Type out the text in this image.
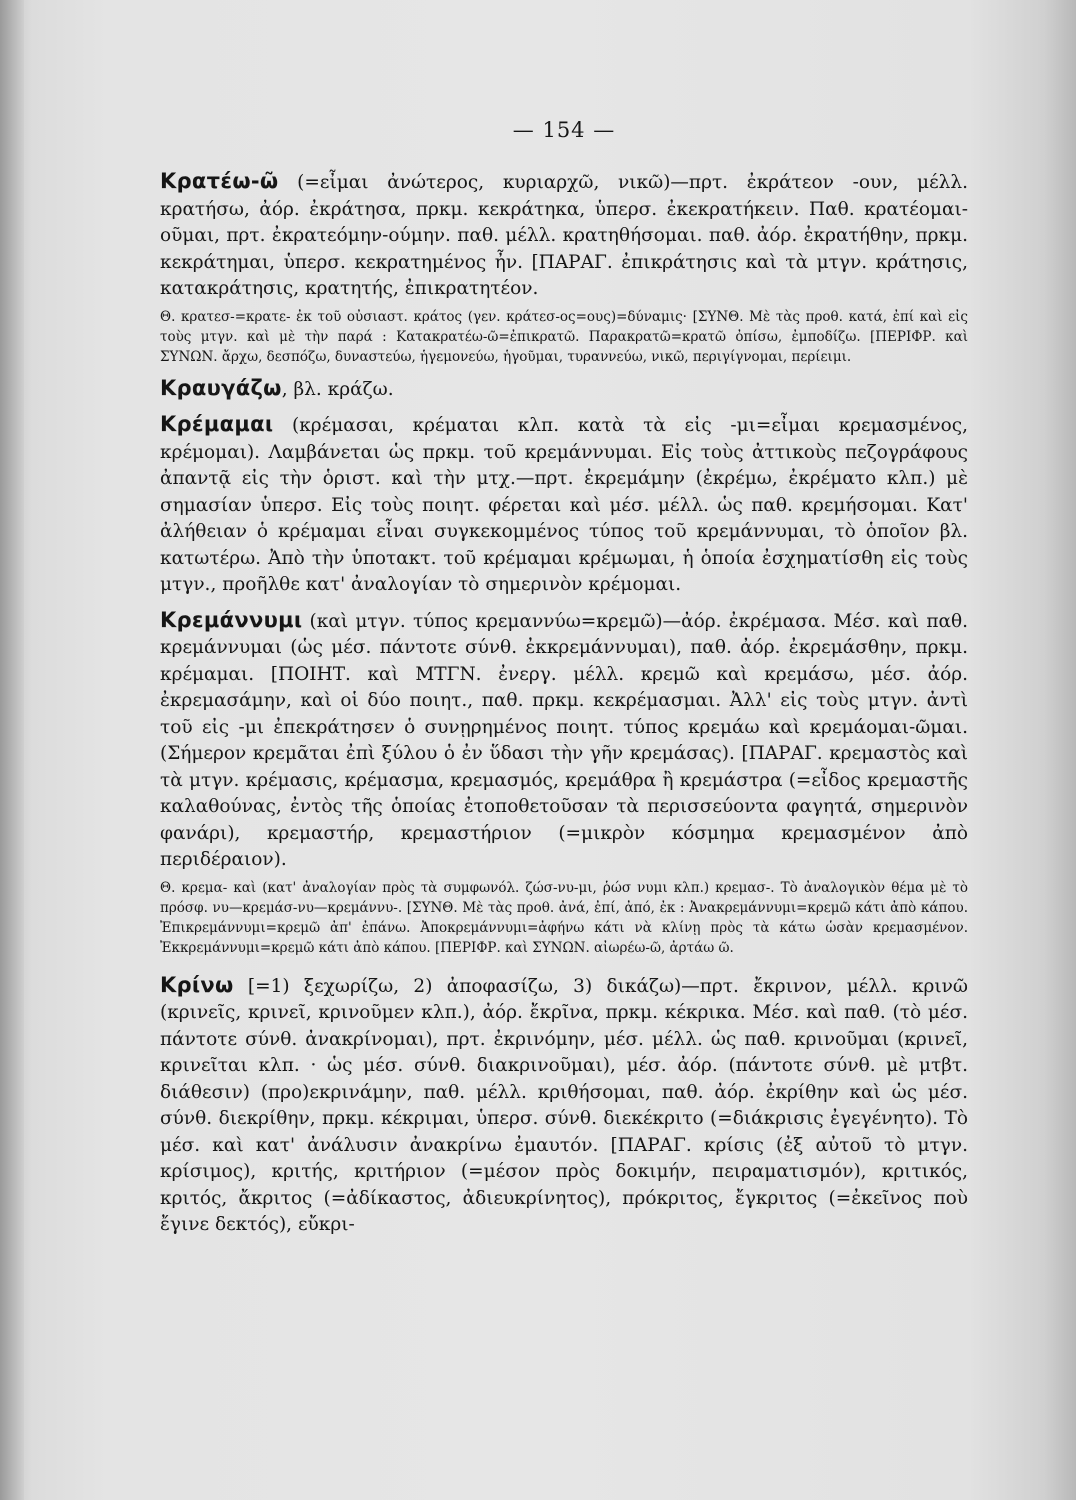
— 154 —

Κρατέω-ῶ (=εἶμαι ἀνώτερος, κυριαρχῶ, νικῶ)—πρτ. ἐκράτεον -ουν, μέλλ. κρατήσω, ἀόρ. ἐκράτησα, πρκμ. κεκράτηκα, ὑπερσ. ἐκεκρατήκειν. Παθ. κρατέομαι-οῦμαι, πρτ. ἐκρατεόμην-ούμην. παθ. μέλλ. κρατηθήσομαι. παθ. ἀόρ. ἐκρατήθην, πρκμ. κεκράτημαι, ὑπερσ. κεκρατημένος ἦν. [ΠΑΡΑΓ. ἐπικράτησις καὶ τὰ μτγν. κράτησις, κατακράτησις, κρατητής, ἐπικρατητέον.

Θ. κρατεσ-=κρατε- ἐκ τοῦ οὐσιαστ. κράτος (γεν. κράτεσ-ος=ους)=δύναμις· [ΣΥΝΘ. Μὲ τὰς προθ. κατά, ἐπί καὶ εἰς τοὺς μτγν. καὶ μὲ τὴν παρά : Κατακρατέω-ῶ=ἐπικρατῶ. Παρακρατῶ=κρατῶ ὀπίσω, ἐμποδίζω. [ΠΕΡΙΦΡ. καὶ ΣΥΝΩΝ. ἄρχω, δεσπόζω, δυναστεύω, ἡγεμονεύω, ἡγοῦμαι, τυραννεύω, νικῶ, περιγίγνομαι, περίειμι.

Κραυγάζω, βλ. κράζω.

Κρέμαμαι (κρέμασαι, κρέμαται κλπ. κατὰ τὰ εἰς -μι=εἶμαι κρεμασμένος, κρέμομαι). Λαμβάνεται ὡς πρκμ. τοῦ κρεμάννυμαι. Εἰς τοὺς ἀττικοὺς πεζογράφους ἀπαντᾷ εἰς τὴν ὁριστ. καὶ τὴν μτχ.—πρτ. ἐκρεμάμην (ἐκρέμω, ἐκρέματο κλπ.) μὲ σημασίαν ὑπερσ. Εἰς τοὺς ποιητ. φέρεται καὶ μέσ. μέλλ. ὡς παθ. κρεμήσομαι. Κατ' ἀλήθειαν ὁ κρέμαμαι εἶναι συγκεκομμένος τύπος τοῦ κρεμάννυμαι, τὸ ὁποῖον βλ. κατωτέρω. Ἀπὸ τὴν ὑποτακτ. τοῦ κρέμαμαι κρέμωμαι, ἡ ὁποία ἐσχηματίσθη εἰς τοὺς μτγν., προῆλθε κατ' ἀναλογίαν τὸ σημερινὸν κρέμομαι.

Κρεμάννυμι (καὶ μτγν. τύπος κρεμαννύω=κρεμῶ)—ἀόρ. ἐκρέμασα. Μέσ. καὶ παθ. κρεμάννυμαι (ὡς μέσ. πάντοτε σύνθ. ἐκκρεμάννυμαι), παθ. ἀόρ. ἐκρεμάσθην, πρκμ. κρέμαμαι. [ΠΟΙΗΤ. καὶ ΜΤΓΝ. ἐνεργ. μέλλ. κρεμῶ καὶ κρεμάσω, μέσ. ἀόρ. ἐκρεμασάμην, καὶ οἱ δύο ποιητ., παθ. πρκμ. κεκρέμασμαι. Ἀλλ' εἰς τοὺς μτγν. ἀντὶ τοῦ εἰς -μι ἐπεκράτησεν ὁ συνῃρημένος ποιητ. τύπος κρεμάω καὶ κρεμάομαι-ῶμαι. (Σήμερον κρεμᾶται ἐπὶ ξύλου ὁ ἐν ὕδασι τὴν γῆν κρεμάσας). [ΠΑΡΑΓ. κρεμαστὸς καὶ τὰ μτγν. κρέμασις, κρέμασμα, κρεμασμός, κρεμάθρα ἢ κρεμάστρα (=εἶδος κρεμαστῆς καλαθούνας, ἐντὸς τῆς ὁποίας ἐτοποθετοῦσαν τὰ περισσεύοντα φαγητά, σημερινὸν φανάρι), κρεμαστήρ, κρεμαστήριον (=μικρὸν κόσμημα κρεμασμένον ἀπὸ περιδέραιον).

Θ. κρεμα- καὶ (κατ' ἀναλογίαν πρὸς τὰ συμφωνόλ. ζώσ-νυ-μι, ῥώσ νυμι κλπ.) κρεμασ-. Τὸ ἀναλογικὸν θέμα μὲ τὸ πρόσφ. νυ—κρεμάσ-νυ—κρεμάννυ-. [ΣΥΝΘ. Μὲ τὰς προθ. ἀνά, ἐπί, ἀπό, ἐκ : Ἀνακρεμάννυμι=κρεμῶ κάτι ἀπὸ κάπου. Ἐπικρεμάννυμι=κρεμῶ ἀπ' ἐπάνω. Ἀποκρεμάννυμι=ἀφήνω κάτι νὰ κλίνῃ πρὸς τὰ κάτω ὡσὰν κρεμασμένον. Ἐκκρεμάννυμι=κρεμῶ κάτι ἀπὸ κάπου. [ΠΕΡΙΦΡ. καὶ ΣΥΝΩΝ. αἰωρέω-ῶ, ἀρτάω ῶ.

Κρίνω [=1) ξεχωρίζω, 2) ἀποφασίζω, 3) δικάζω)—πρτ. ἔκρινον, μέλλ. κρινῶ (κρινεῖς, κρινεῖ, κρινοῦμεν κλπ.), ἀόρ. ἔκρῖνα, πρκμ. κέκρικα. Μέσ. καὶ παθ. (τὸ μέσ. πάντοτε σύνθ. ἀνακρίνομαι), πρτ. ἐκρινόμην, μέσ. μέλλ. ὡς παθ. κρινοῦμαι (κρινεῖ, κρινεῖται κλπ. · ὡς μέσ. σύνθ. διακρινοῦμαι), μέσ. ἀόρ. (πάντοτε σύνθ. μὲ μτβτ. διάθεσιν) (προ)εκρινάμην, παθ. μέλλ. κριθήσομαι, παθ. ἀόρ. ἐκρίθην καὶ ὡς μέσ. σύνθ. διεκρίθην, πρκμ. κέκριμαι, ὑπερσ. σύνθ. διεκέκριτο (=διάκρισις ἐγεγένητο). Τὸ μέσ. καὶ κατ' ἀνάλυσιν ἀνακρίνω ἐμαυτόν. [ΠΑΡΑΓ. κρίσις (ἐξ αὐτοῦ τὸ μτγν. κρίσιμος), κριτής, κριτήριον (=μέσον πρὸς δοκιμήν, πειραματισμόν), κριτικός, κριτός, ἄκριτος (=ἀδίκαστος, ἀδιευκρίνητος), πρόκριτος, ἔγκριτος (=ἐκεῖνος ποὺ ἔγινε δεκτός), εὔκρι-
